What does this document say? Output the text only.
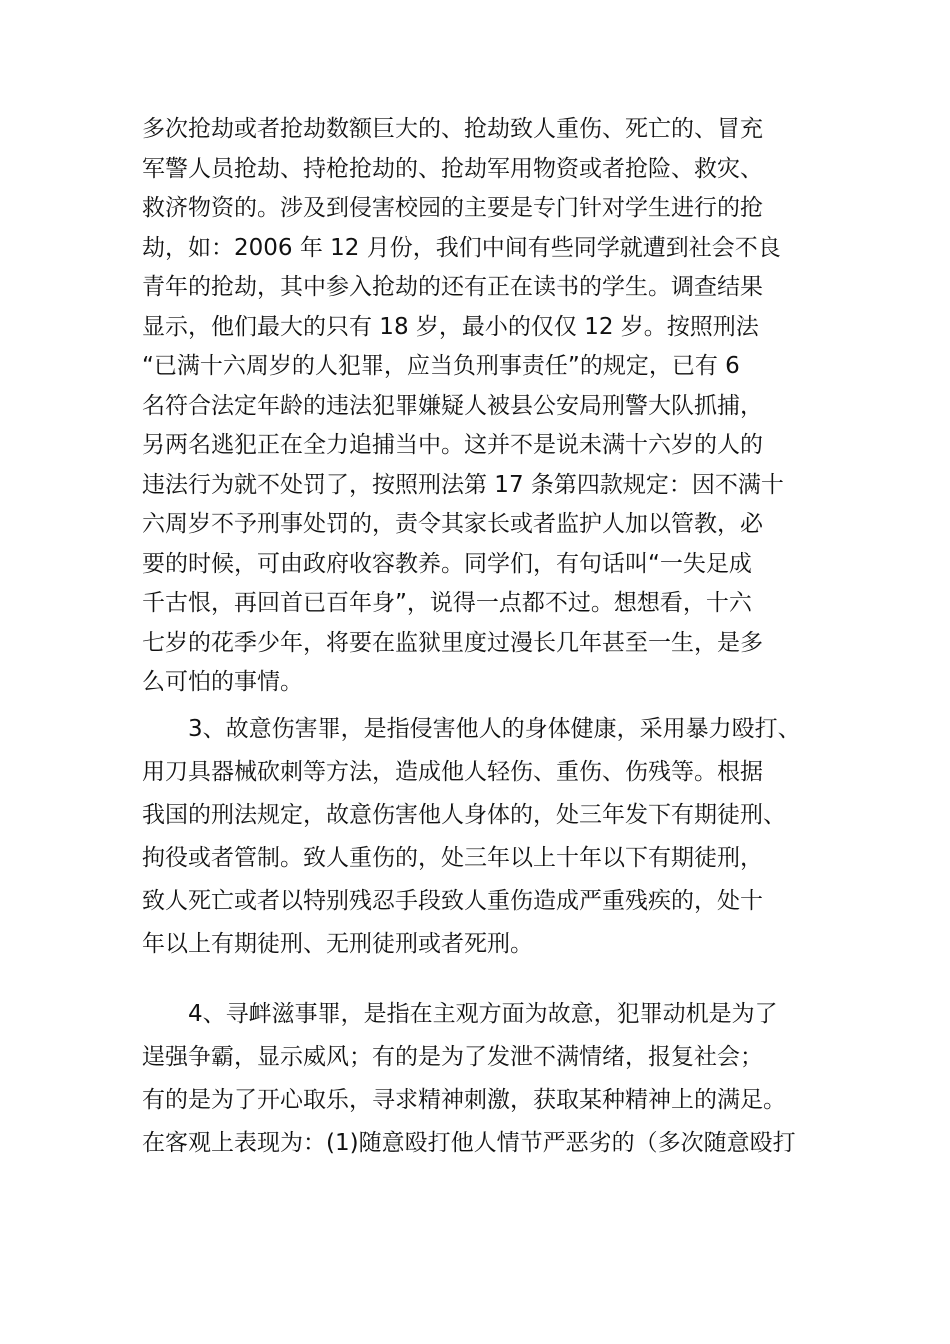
多次抢劫或者抢劫数额巨大的、抢劫致人重伤、死亡的、冒充
军警人员抢劫、持枪抢劫的、抢劫军用物资或者抢险、救灾、
救济物资的。涉及到侵害校园的主要是专门针对学生进行的抢
劫，如：2006 年 12 月份，我们中间有些同学就遭到社会不良
青年的抢劫，其中参入抢劫的还有正在读书的学生。调查结果
显示，他们最大的只有 18 岁，最小的仅仅 12 岁。按照刑法
“已满十六周岁的人犯罪，应当负刑事责任”的规定，已有 6
名符合法定年龄的违法犯罪嫌疑人被县公安局刑警大队抓捕，
另两名逃犯正在全力追捕当中。这并不是说未满十六岁的人的
违法行为就不处罚了，按照刑法第 17 条第四款规定：因不满十
六周岁不予刑事处罚的，责令其家长或者监护人加以管教，必
要的时候，可由政府收容教养。同学们，有句话叫“一失足成
千古恨，再回首已百年身”，说得一点都不过。想想看，十六
七岁的花季少年，将要在监狱里度过漫长几年甚至一生，是多
么可怕的事情。
3、故意伤害罪，是指侵害他人的身体健康，采用暴力殴打、
用刀具器械砍刺等方法，造成他人轻伤、重伤、伤残等。根据
我国的刑法规定，故意伤害他人身体的，处三年发下有期徒刑、
拘役或者管制。致人重伤的，处三年以上十年以下有期徒刑，
致人死亡或者以特别残忍手段致人重伤造成严重残疾的，处十
年以上有期徒刑、无刑徒刑或者死刑。
4、寻衅滋事罪，是指在主观方面为故意，犯罪动机是为了
逞强争霸，显示威风；有的是为了发泄不满情绪，报复社会；
有的是为了开心取乐，寻求精神刺激，获取某种精神上的满足。
在客观上表现为：(1)随意殴打他人情节严恶劣的（多次随意殴打
